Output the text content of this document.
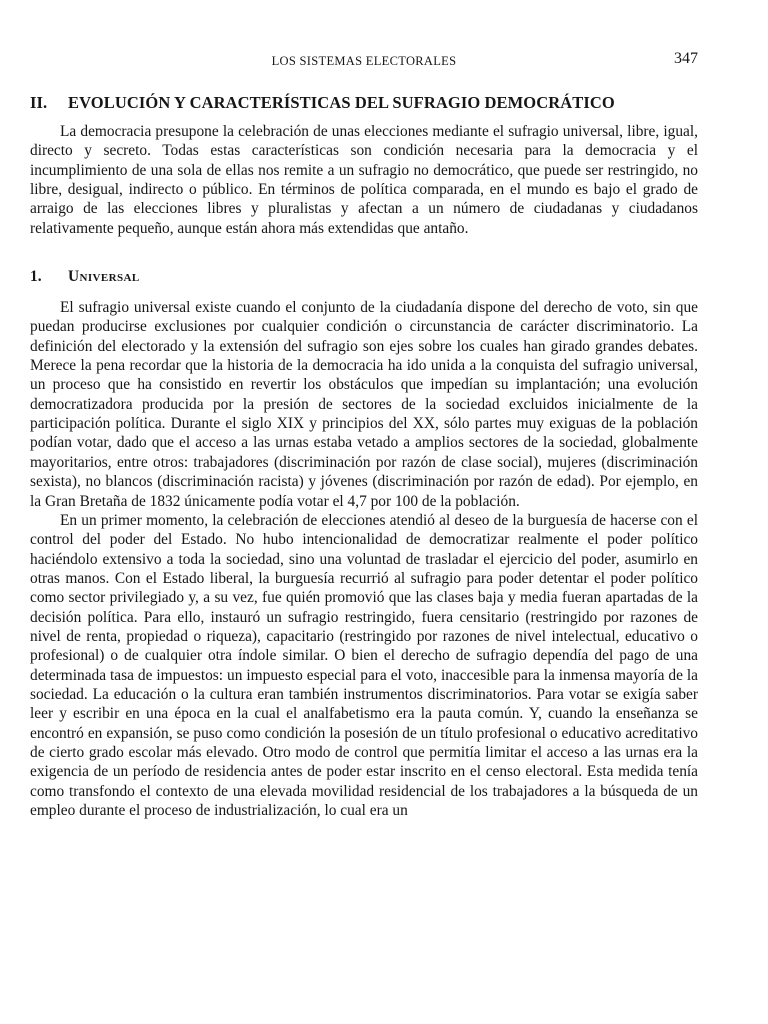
LOS SISTEMAS ELECTORALES	347
II.	EVOLUCIÓN Y CARACTERÍSTICAS DEL SUFRAGIO DEMOCRÁTICO

La democracia presupone la celebración de unas elecciones mediante el sufragio universal, libre, igual, directo y secreto. Todas estas características son condición necesaria para la democracia y el incumplimiento de una sola de ellas nos remite a un sufragio no democrático, que puede ser restringido, no libre, desigual, indirecto o público. En términos de política comparada, en el mundo es bajo el grado de arraigo de las elecciones libres y pluralistas y afectan a un número de ciudadanas y ciudadanos relativamente pequeño, aunque están ahora más extendidas que antaño.

1.	Universal

El sufragio universal existe cuando el conjunto de la ciudadanía dispone del derecho de voto, sin que puedan producirse exclusiones por cualquier condición o circunstancia de carácter discriminatorio. La definición del electorado y la extensión del sufragio son ejes sobre los cuales han girado grandes debates. Merece la pena recordar que la historia de la democracia ha ido unida a la conquista del sufragio universal, un proceso que ha consistido en revertir los obstáculos que impedían su implantación; una evolución democratizadora producida por la presión de sectores de la sociedad excluidos inicialmente de la participación política. Durante el siglo XIX y principios del XX, sólo partes muy exiguas de la población podían votar, dado que el acceso a las urnas estaba vetado a amplios sectores de la sociedad, globalmente mayoritarios, entre otros: trabajadores (discriminación por razón de clase social), mujeres (discriminación sexista), no blancos (discriminación racista) y jóvenes (discriminación por razón de edad). Por ejemplo, en la Gran Bretaña de 1832 únicamente podía votar el 4,7 por 100 de la población.

En un primer momento, la celebración de elecciones atendió al deseo de la burguesía de hacerse con el control del poder del Estado. No hubo intencionalidad de democratizar realmente el poder político haciéndolo extensivo a toda la sociedad, sino una voluntad de trasladar el ejercicio del poder, asumirlo en otras manos. Con el Estado liberal, la burguesía recurrió al sufragio para poder detentar el poder político como sector privilegiado y, a su vez, fue quién promovió que las clases baja y media fueran apartadas de la decisión política. Para ello, instauró un sufragio restringido, fuera censitario (restringido por razones de nivel de renta, propiedad o riqueza), capacitario (restringido por razones de nivel intelectual, educativo o profesional) o de cualquier otra índole similar. O bien el derecho de sufragio dependía del pago de una determinada tasa de impuestos: un impuesto especial para el voto, inaccesible para la inmensa mayoría de la sociedad. La educación o la cultura eran también instrumentos discriminatorios. Para votar se exigía saber leer y escribir en una época en la cual el analfabetismo era la pauta común. Y, cuando la enseñanza se encontró en expansión, se puso como condición la posesión de un título profesional o educativo acreditativo de cierto grado escolar más elevado. Otro modo de control que permitía limitar el acceso a las urnas era la exigencia de un período de residencia antes de poder estar inscrito en el censo electoral. Esta medida tenía como transfondo el contexto de una elevada movilidad residencial de los trabajadores a la búsqueda de un empleo durante el proceso de industrialización, lo cual era un
